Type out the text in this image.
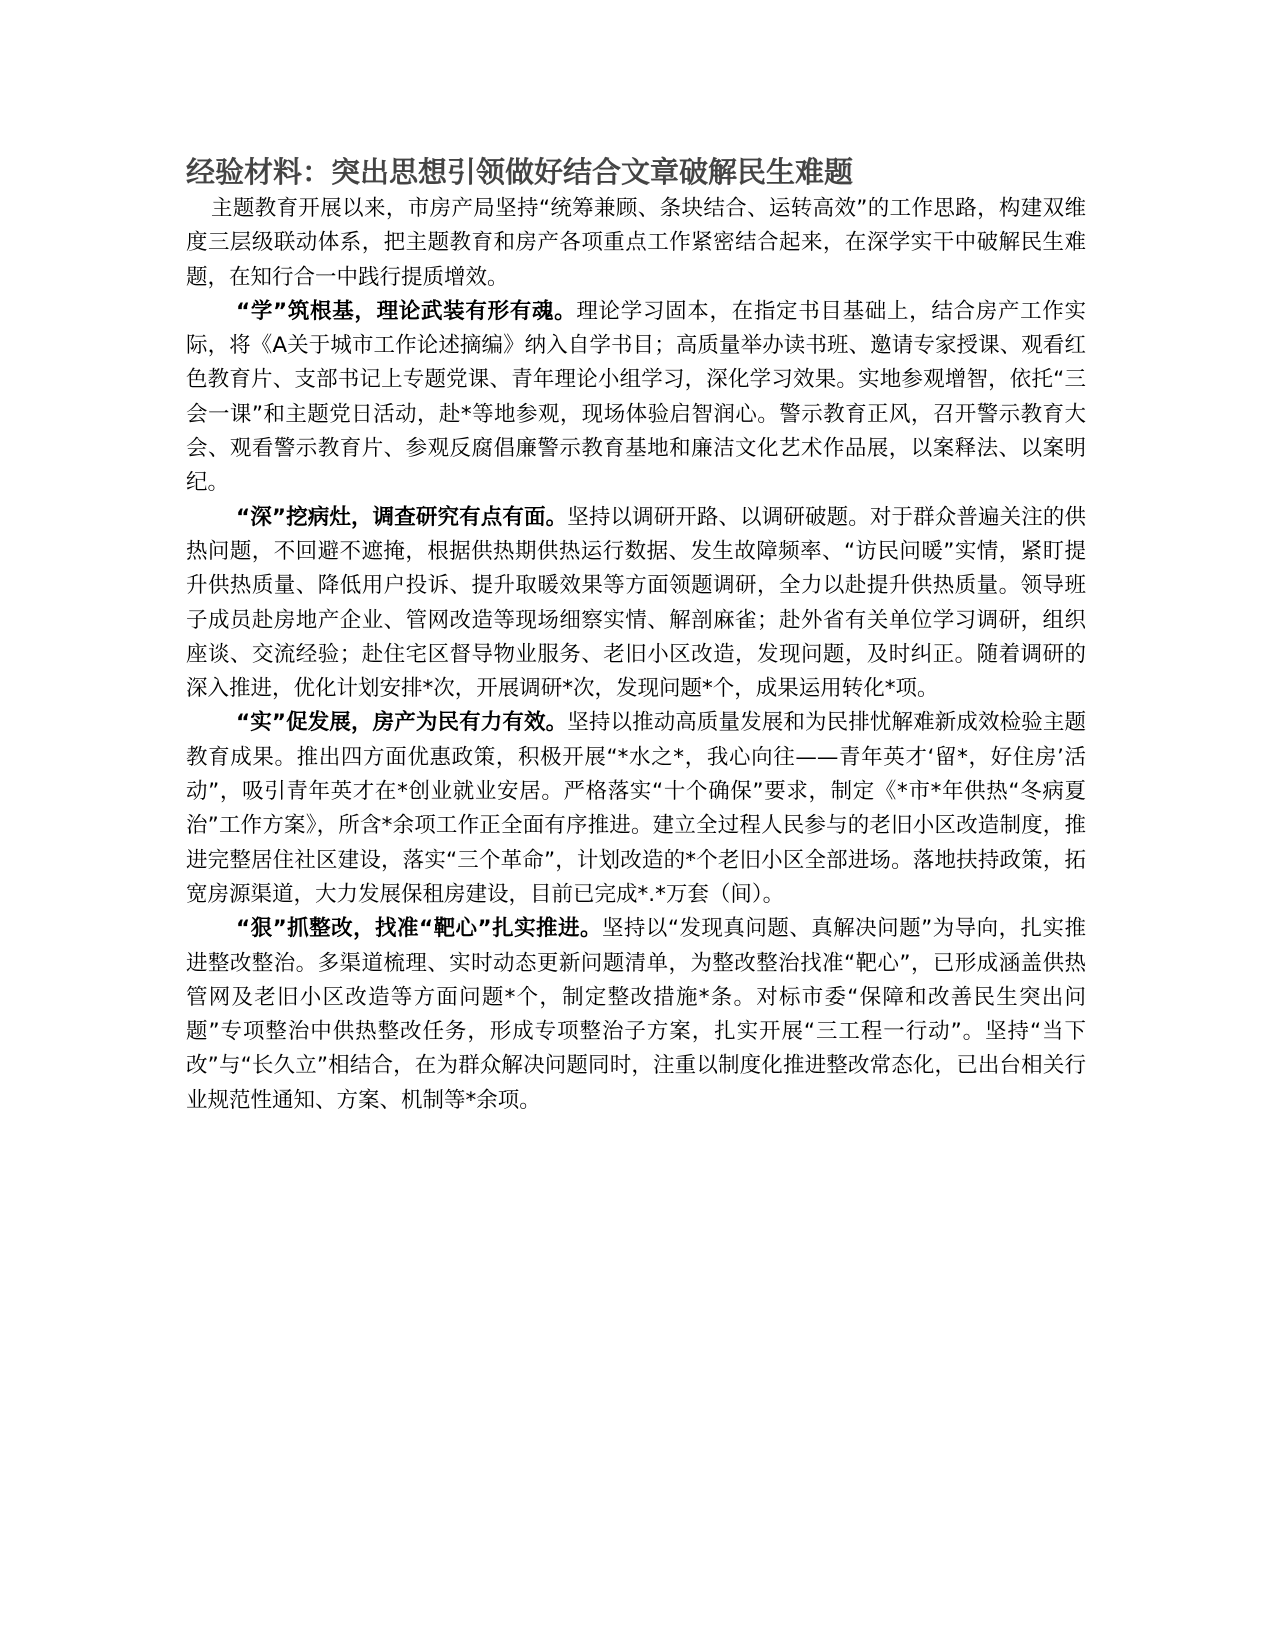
经验材料：突出思想引领做好结合文章破解民生难题

主题教育开展以来，市房产局坚持“统筹兼顾、条块结合、运转高效”的工作思路，构建双维度三层级联动体系，把主题教育和房产各项重点工作紧密结合起来，在深学实干中破解民生难题，在知行合一中践行提质增效。

“学”筑根基，理论武装有形有魂。理论学习固本，在指定书目基础上，结合房产工作实际，将《A关于城市工作论述摘编》纳入自学书目；高质量举办读书班、邀请专家授课、观看红色教育片、支部书记上专题党课、青年理论小组学习，深化学习效果。实地参观增智，依托“三会一课”和主题党日活动，赴*等地参观，现场体验启智润心。警示教育正风，召开警示教育大会、观看警示教育片、参观反腐倡廉警示教育基地和廉洁文化艺术作品展，以案释法、以案明纪。

“深”挖病灶，调查研究有点有面。坚持以调研开路、以调研破题。对于群众普遍关注的供热问题，不回避不遮掩，根据供热期供热运行数据、发生故障频率、“访民问暖”实情，紧盯提升供热质量、降低用户投诉、提升取暖效果等方面领题调研，全力以赴提升供热质量。领导班子成员赴房地产企业、管网改造等现场细察实情、解剖麻雀；赴外省有关单位学习调研，组织座谈、交流经验；赴住宅区督导物业服务、老旧小区改造，发现问题，及时纠正。随着调研的深入推进，优化计划安排*次，开展调研*次，发现问题*个，成果运用转化*项。

“实”促发展，房产为民有力有效。坚持以推动高质量发展和为民排忧解难新成效检验主题教育成果。推出四方面优惠政策，积极开展“*水之*，我心向往——青年英才‘留*，好住房’活动”，吸引青年英才在*创业就业安居。严格落实“十个确保”要求，制定《*市*年供热“冬病夏治”工作方案》，所含*余项工作正全面有序推进。建立全过程人民参与的老旧小区改造制度，推进完整居住社区建设，落实“三个革命”，计划改造的*个老旧小区全部进场。落地扶持政策，拓宽房源渠道，大力发展保租房建设，目前已完成*.*万套（间）。

“狠”抓整改，找准“靶心”扎实推进。坚持以“发现真问题、真解决问题”为导向，扎实推进整改整治。多渠道梳理、实时动态更新问题清单，为整改整治找准“靶心”，已形成涵盖供热管网及老旧小区改造等方面问题*个，制定整改措施*条。对标市委“保障和改善民生突出问题”专项整治中供热整改任务，形成专项整治子方案，扎实开展“三工程一行动”。坚持“当下改”与“长久立”相结合，在为群众解决问题同时，注重以制度化推进整改常态化，已出台相关行业规范性通知、方案、机制等*余项。
